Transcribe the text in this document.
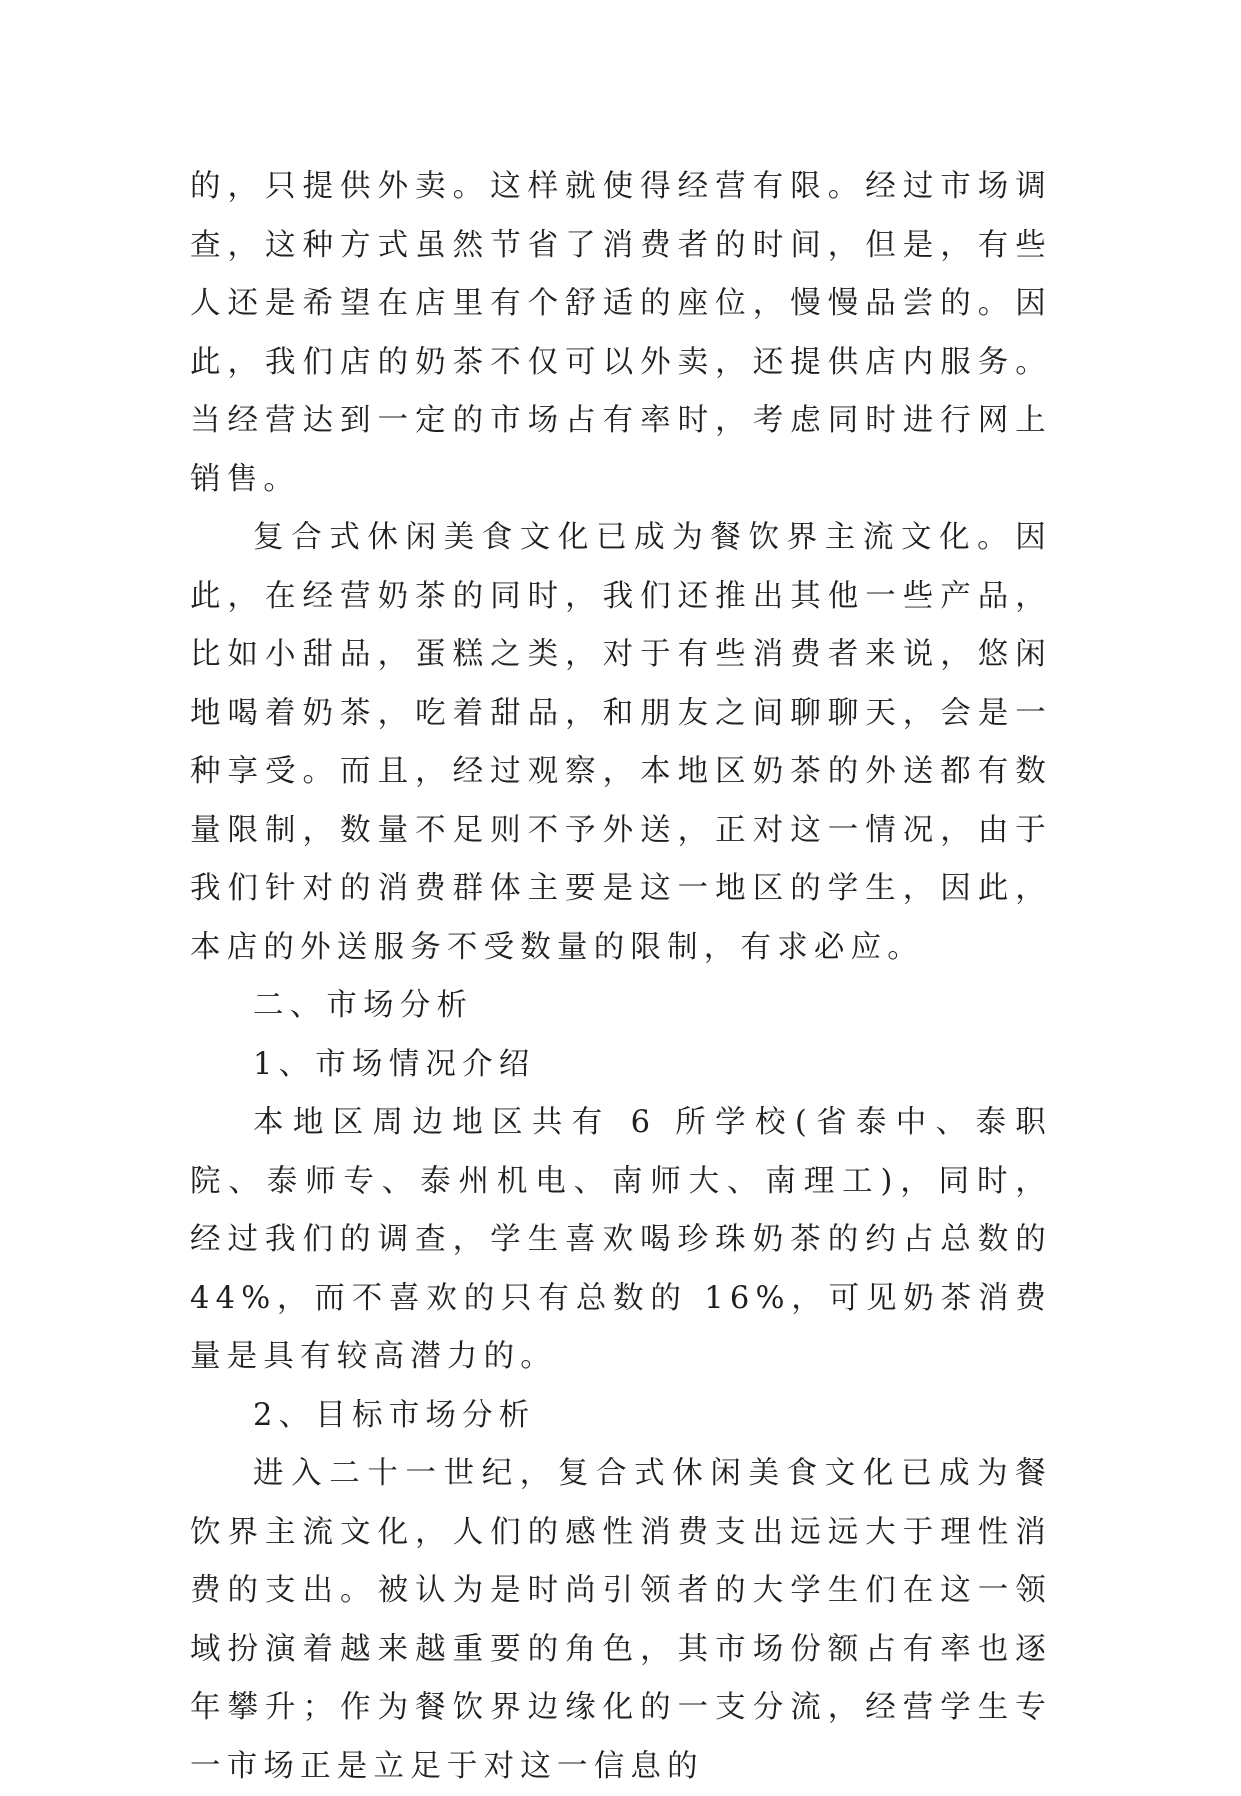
的，只提供外卖。这样就使得经营有限。经过市场调查，这种方式虽然节省了消费者的时间，但是，有些人还是希望在店里有个舒适的座位，慢慢品尝的。因此，我们店的奶茶不仅可以外卖，还提供店内服务。当经营达到一定的市场占有率时，考虑同时进行网上销售。

复合式休闲美食文化已成为餐饮界主流文化。因此，在经营奶茶的同时，我们还推出其他一些产品，比如小甜品，蛋糕之类，对于有些消费者来说，悠闲地喝着奶茶，吃着甜品，和朋友之间聊聊天，会是一种享受。而且，经过观察，本地区奶茶的外送都有数量限制，数量不足则不予外送，正对这一情况，由于我们针对的消费群体主要是这一地区的学生，因此，本店的外送服务不受数量的限制，有求必应。

二、市场分析

1、市场情况介绍

本地区周边地区共有 6 所学校(省泰中、泰职院、泰师专、泰州机电、南师大、南理工)，同时，经过我们的调查，学生喜欢喝珍珠奶茶的约占总数的 44%，而不喜欢的只有总数的 16%，可见奶茶消费量是具有较高潜力的。

2、目标市场分析

进入二十一世纪，复合式休闲美食文化已成为餐饮界主流文化，人们的感性消费支出远远大于理性消费的支出。被认为是时尚引领者的大学生们在这一领域扮演着越来越重要的角色，其市场份额占有率也逐年攀升；作为餐饮界边缘化的一支分流，经营学生专一市场正是立足于对这一信息的
